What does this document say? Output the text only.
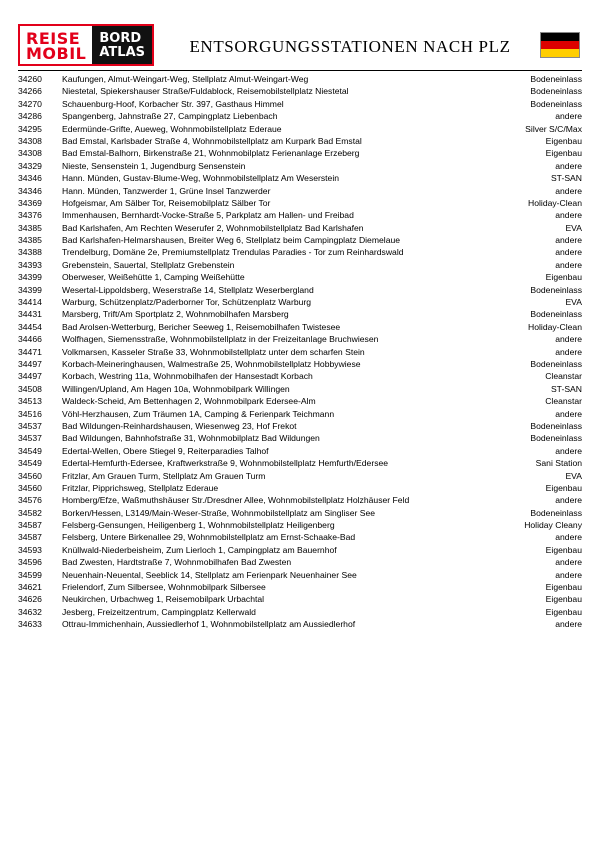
REISE
MOBIL
BORD
ATLAS	ENTSORGUNGSSTATIONEN NACH PLZ
34260	Kaufungen, Almut-Weingart-Weg, Stellplatz Almut-Weingart-Weg	Bodeneinlass
34266	Niestetal, Spiekershauser Straße/Fuldablock, Reisemobilstellplatz Niestetal	Bodeneinlass
34270	Schauenburg-Hoof, Korbacher Str. 397, Gasthaus Himmel	Bodeneinlass
34286	Spangenberg, Jahnstraße 27, Campingplatz Liebenbach	andere
34295	Edermünde-Grifte, Aueweg, Wohnmobilstellplatz Ederaue	Silver S/C/Max
34308	Bad Emstal, Karlsbader Straße 4, Wohnmobilstellplatz am Kurpark Bad Emstal	Eigenbau
34308	Bad Emstal-Balhorn, Birkenstraße 21, Wohnmobilplatz Ferienanlage Erzeberg	Eigenbau
34329	Nieste, Sensenstein 1, Jugendburg Sensenstein	andere
34346	Hann. Münden, Gustav-Blume-Weg, Wohnmobilstellplatz Am Weserstein	ST-SAN
34346	Hann. Münden, Tanzwerder 1, Grüne Insel Tanzwerder	andere
34369	Hofgeismar, Am Sälber Tor, Reisemobilplatz Sälber Tor	Holiday-Clean
34376	Immenhausen, Bernhardt-Vocke-Straße 5, Parkplatz am Hallen- und Freibad	andere
34385	Bad Karlshafen, Am Rechten Weserufer 2, Wohnmobilstellplatz Bad Karlshafen	EVA
34385	Bad Karlshafen-Helmarshausen, Breiter Weg 6, Stellplatz beim Campingplatz Diemelaue	andere
34388	Trendelburg, Domäne 2e, Premiumstellplatz Trendulas Paradies - Tor zum Reinhardswald	andere
34393	Grebenstein, Sauertal, Stellplatz Grebenstein	andere
34399	Oberweser, Weißehütte 1, Camping Weißehütte	Eigenbau
34399	Wesertal-Lippoldsberg, Weserstraße 14, Stellplatz Weserbergland	Bodeneinlass
34414	Warburg, Schützenplatz/Paderborner Tor, Schützenplatz Warburg	EVA
34431	Marsberg, Trift/Am Sportplatz 2, Wohnmobilhafen Marsberg	Bodeneinlass
34454	Bad Arolsen-Wetterburg, Bericher Seeweg 1, Reisemobilhafen Twistesee	Holiday-Clean
34466	Wolfhagen, Siemensstraße, Wohnmobilstellplatz in der Freizeitanlage Bruchwiesen	andere
34471	Volkmarsen, Kasseler Straße 33, Wohnmobilstellplatz unter dem scharfen Stein	andere
34497	Korbach-Meineringhausen, Walmestraße 25, Wohnmobilstellplatz Hobbywiese	Bodeneinlass
34497	Korbach, Westring 11a, Wohnmobilhafen der Hansestadt Korbach	Cleanstar
34508	Willingen/Upland, Am Hagen 10a, Wohnmobilpark Willingen	ST-SAN
34513	Waldeck-Scheid, Am Bettenhagen 2, Wohnmobilpark Edersee-Alm	Cleanstar
34516	Vöhl-Herzhausen, Zum Träumen 1A, Camping & Ferienpark Teichmann	andere
34537	Bad Wildungen-Reinhardshausen, Wiesenweg 23, Hof Frekot	Bodeneinlass
34537	Bad Wildungen, Bahnhofstraße 31, Wohnmobilplatz Bad Wildungen	Bodeneinlass
34549	Edertal-Wellen, Obere Stiegel 9, Reiterparadies Talhof	andere
34549	Edertal-Hemfurth-Edersee, Kraftwerkstraße 9, Wohnmobilstellplatz Hemfurth/Edersee	Sani Station
34560	Fritzlar, Am Grauen Turm, Stellplatz Am Grauen Turm	EVA
34560	Fritzlar, Pipprichsweg, Stellplatz Ederaue	Eigenbau
34576	Homberg/Efze, Waßmuthshäuser Str./Dresdner Allee, Wohnmobilstellplatz Holzhäuser Feld	andere
34582	Borken/Hessen, L3149/Main-Weser-Straße, Wohnmobilstellplatz am Singliser See	Bodeneinlass
34587	Felsberg-Gensungen, Heiligenberg 1, Wohnmobilstellplatz Heiligenberg	Holiday Cleany
34587	Felsberg, Untere Birkenallee 29, Wohnmobilstellplatz am Ernst-Schaake-Bad	andere
34593	Knüllwald-Niederbeisheim, Zum Lierloch 1, Campingplatz am Bauernhof	Eigenbau
34596	Bad Zwesten, Hardtstraße 7, Wohnmobilhafen Bad Zwesten	andere
34599	Neuenhain-Neuental, Seeblick 14, Stellplatz am Ferienpark Neuenhainer See	andere
34621	Frielendorf, Zum Silbersee, Wohnmobilpark Silbersee	Eigenbau
34626	Neukirchen, Urbachweg 1, Reisemobilpark Urbachtal	Eigenbau
34632	Jesberg, Freizeitzentrum, Campingplatz Kellerwald	Eigenbau
34633	Ottrau-Immichenhain, Aussiedlerhof 1, Wohnmobilstellplatz am Aussiedlerhof	andere
